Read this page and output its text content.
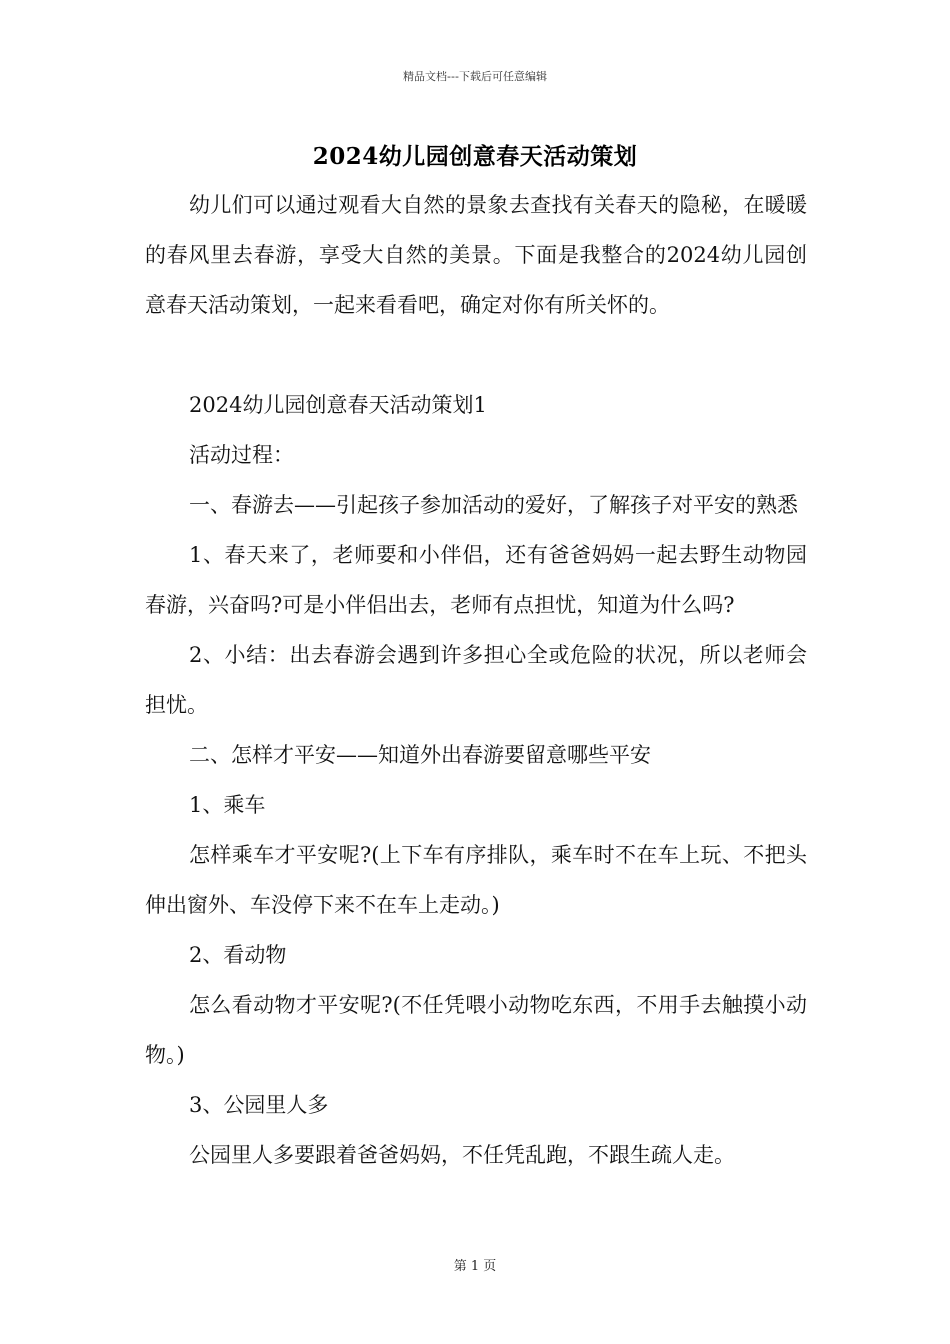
精品文档---下载后可任意编辑
2024幼儿园创意春天活动策划

幼儿们可以通过观看大自然的景象去查找有关春天的隐秘，在暖暖的春风里去春游，享受大自然的美景。下面是我整合的2024幼儿园创意春天活动策划，一起来看看吧，确定对你有所关怀的。

2024幼儿园创意春天活动策划1

活动过程：

一、春游去——引起孩子参加活动的爱好，了解孩子对平安的熟悉

1、春天来了，老师要和小伴侣，还有爸爸妈妈一起去野生动物园春游，兴奋吗?可是小伴侣出去，老师有点担忧，知道为什么吗?

2、小结：出去春游会遇到许多担心全或危险的状况，所以老师会担忧。

二、怎样才平安——知道外出春游要留意哪些平安

1、乘车

怎样乘车才平安呢?(上下车有序排队，乘车时不在车上玩、不把头伸出窗外、车没停下来不在车上走动。)

2、看动物

怎么看动物才平安呢?(不任凭喂小动物吃东西，不用手去触摸小动物。)

3、公园里人多

公园里人多要跟着爸爸妈妈，不任凭乱跑，不跟生疏人走。

第 1 页
